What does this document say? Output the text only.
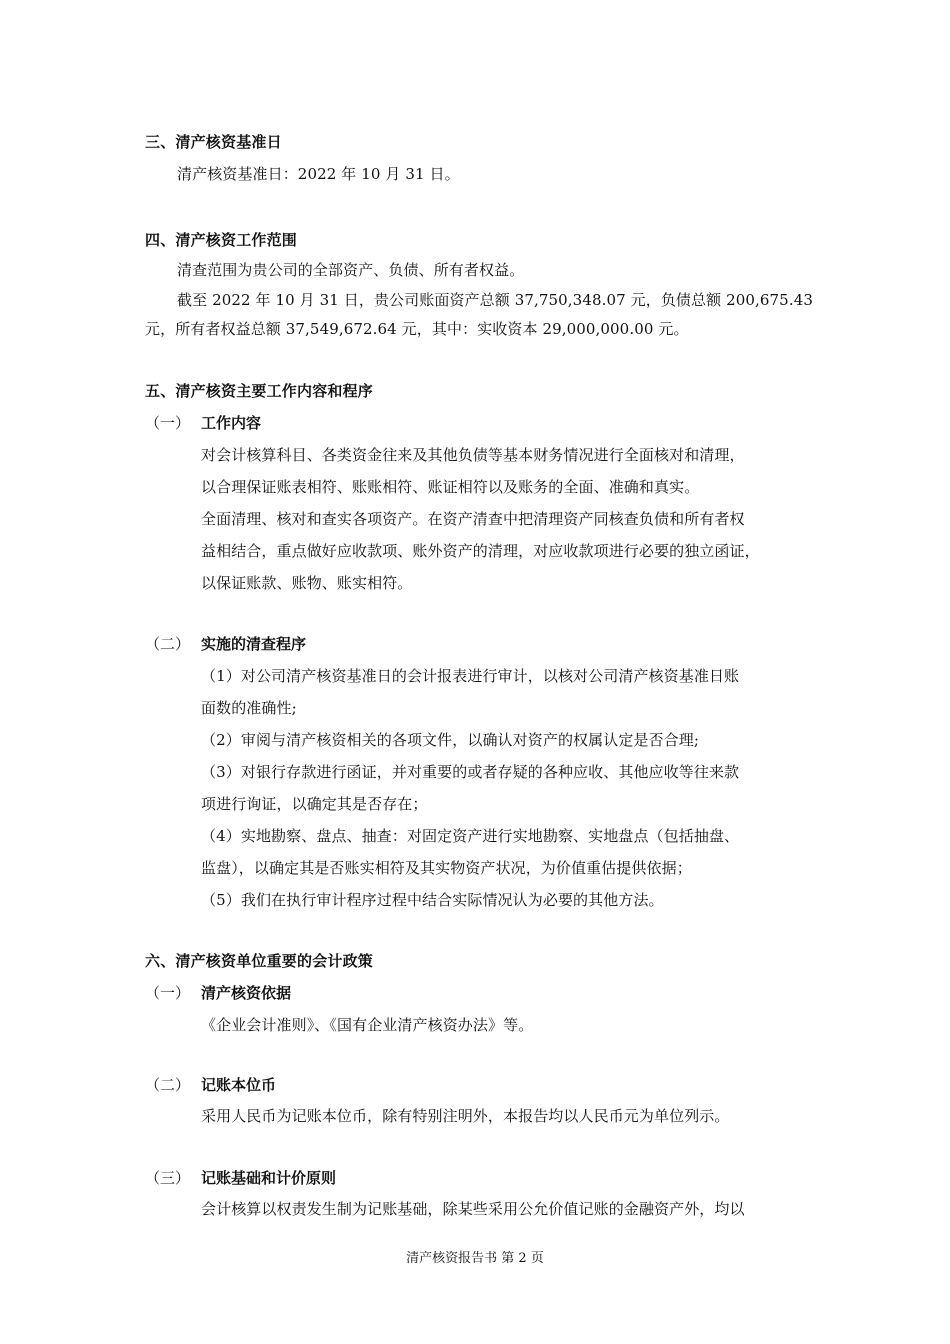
三、清产核资基准日
清产核资基准日：2022 年 10 月 31 日。
四、清产核资工作范围
清查范围为贵公司的全部资产、负债、所有者权益。
截至 2022 年 10 月 31 日，贵公司账面资产总额 37,750,348.07 元，负债总额 200,675.43
元，所有者权益总额 37,549,672.64 元，其中：实收资本 29,000,000.00 元。
五、清产核资主要工作内容和程序
（一） 工作内容
对会计核算科目、各类资金往来及其他负债等基本财务情况进行全面核对和清理，
以合理保证账表相符、账账相符、账证相符以及账务的全面、准确和真实。
全面清理、核对和查实各项资产。在资产清查中把清理资产同核查负债和所有者权
益相结合，重点做好应收款项、账外资产的清理，对应收款项进行必要的独立函证，
以保证账款、账物、账实相符。
（二） 实施的清查程序
（1）对公司清产核资基准日的会计报表进行审计，以核对公司清产核资基准日账
面数的准确性;
（2）审阅与清产核资相关的各项文件，以确认对资产的权属认定是否合理;
（3）对银行存款进行函证，并对重要的或者存疑的各种应收、其他应收等往来款
项进行询证，以确定其是否存在；
（4）实地勘察、盘点、抽查：对固定资产进行实地勘察、实地盘点（包括抽盘、
监盘），以确定其是否账实相符及其实物资产状况，为价值重估提供依据；
（5）我们在执行审计程序过程中结合实际情况认为必要的其他方法。
六、清产核资单位重要的会计政策
（一） 清产核资依据
《企业会计准则》、《国有企业清产核资办法》等。
（二） 记账本位币
采用人民币为记账本位币，除有特别注明外，本报告均以人民币元为单位列示。
（三） 记账基础和计价原则
会计核算以权责发生制为记账基础，除某些采用公允价值记账的金融资产外，均以
清产核资报告书 第 2 页
